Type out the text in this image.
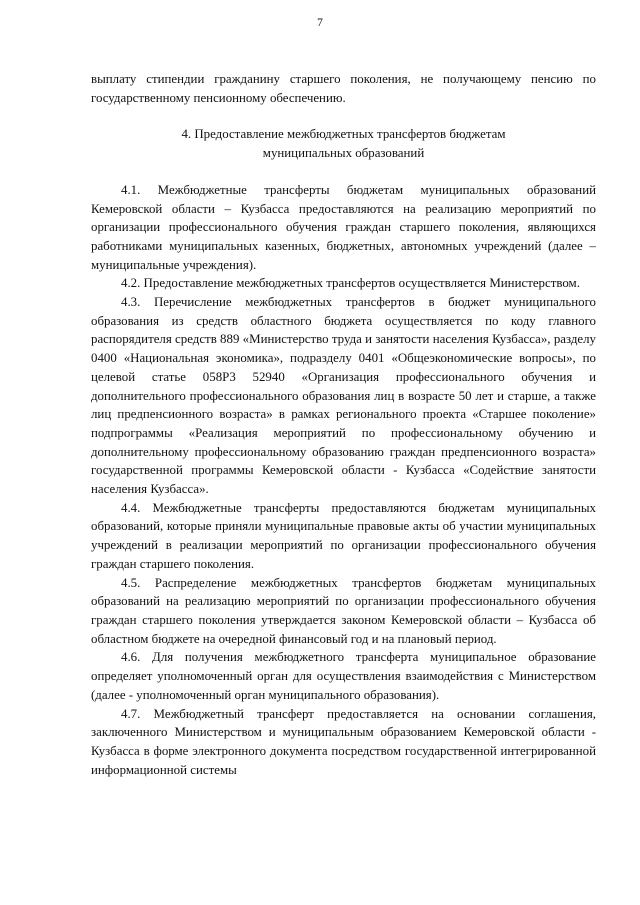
7

выплату стипендии гражданину старшего поколения, не получающему пенсию по государственному пенсионному обеспечению.

4. Предоставление межбюджетных трансфертов бюджетам
муниципальных образований

4.1. Межбюджетные трансферты бюджетам муниципальных образований Кемеровской области – Кузбасса предоставляются на реализацию мероприятий по организации профессионального обучения граждан старшего поколения, являющихся работниками муниципальных казенных, бюджетных, автономных учреждений (далее – муниципальные учреждения).

4.2. Предоставление межбюджетных трансфертов осуществляется Министерством.

4.3. Перечисление межбюджетных трансфертов в бюджет муниципального образования из средств областного бюджета осуществляется по коду главного распорядителя средств 889 «Министерство труда и занятости населения Кузбасса», разделу 0400 «Национальная экономика», подразделу 0401 «Общеэкономические вопросы», по целевой статье 058Р3 52940 «Организация профессионального обучения и дополнительного профессионального образования лиц в возрасте 50 лет и старше, а также лиц предпенсионного возраста» в рамках регионального проекта «Старшее поколение» подпрограммы «Реализация мероприятий по профессиональному обучению и дополнительному профессиональному образованию граждан предпенсионного возраста» государственной программы Кемеровской области - Кузбасса «Содействие занятости населения Кузбасса».

4.4. Межбюджетные трансферты предоставляются бюджетам муниципальных образований, которые приняли муниципальные правовые акты об участии муниципальных учреждений в реализации мероприятий по организации профессионального обучения граждан старшего поколения.

4.5. Распределение межбюджетных трансфертов бюджетам муниципальных образований на реализацию мероприятий по организации профессионального обучения граждан старшего поколения утверждается законом Кемеровской области – Кузбасса об областном бюджете на очередной финансовый год и на плановый период.

4.6. Для получения межбюджетного трансферта муниципальное образование определяет уполномоченный орган для осуществления взаимодействия с Министерством (далее - уполномоченный орган муниципального образования).

4.7. Межбюджетный трансферт предоставляется на основании соглашения, заключенного Министерством и муниципальным образованием Кемеровской области - Кузбасса в форме электронного документа посредством государственной интегрированной информационной системы
